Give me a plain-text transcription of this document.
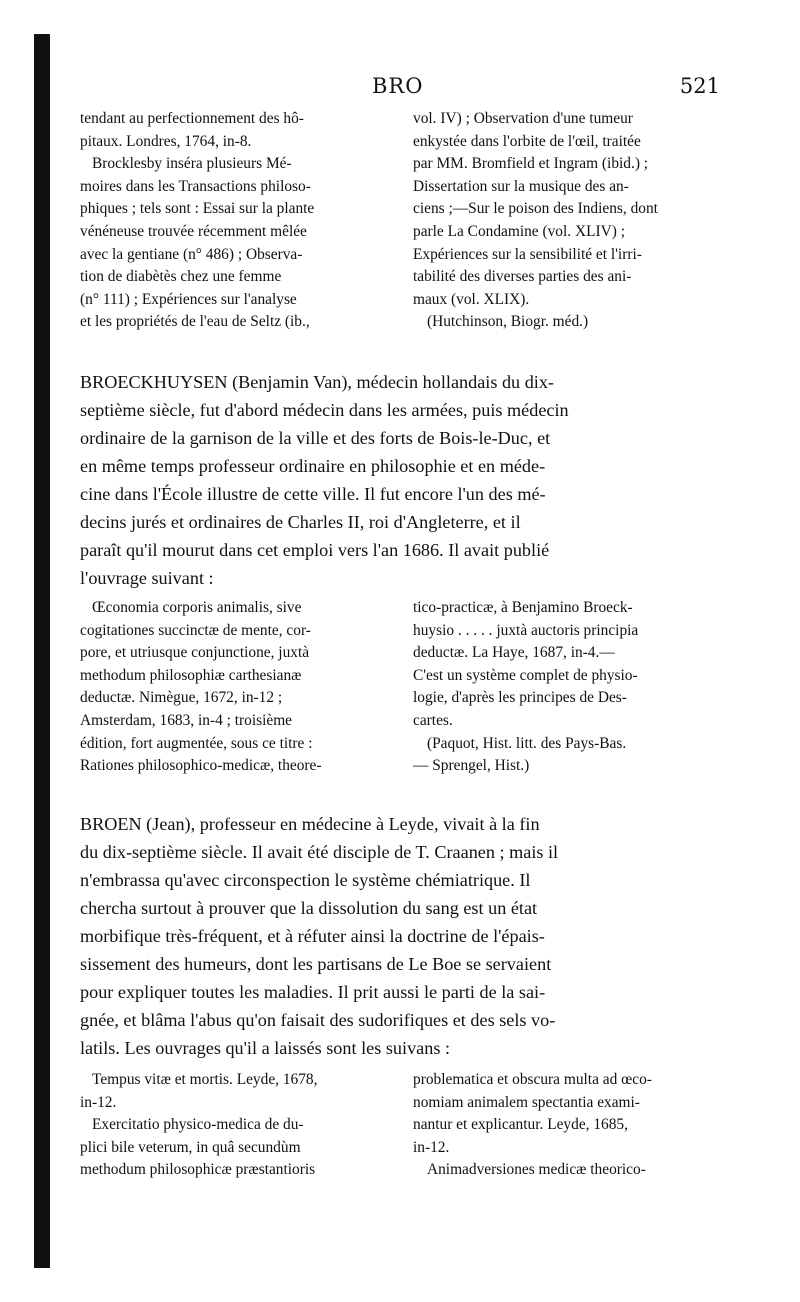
BRO	521
tendant au perfectionnement des hô-
pitaux. Londres, 1764, in-8.
Brocklesby inséra plusieurs Mé-
moires dans les Transactions philoso-
phiques ; tels sont : Essai sur la plante
vénéneuse trouvée récemment mêlée
avec la gentiane (n° 486) ; Observa-
tion de diabètès chez une femme
(n° 111) ; Expériences sur l'analyse
et les propriétés de l'eau de Seltz (ib.,
vol. IV) ; Observation d'une tumeur
enkystée dans l'orbite de l'œil, traitée
par MM. Bromfield et Ingram (ibid.) ;
Dissertation sur la musique des an-
ciens ;—Sur le poison des Indiens, dont
parle La Condamine (vol. XLIV) ;
Expériences sur la sensibilité et l'irri-
tabilité des diverses parties des ani-
maux (vol. XLIX).
(Hutchinson, Biogr. méd.)
BROECKHUYSEN (Benjamin Van), médecin hollandais du dix-
septième siècle, fut d'abord médecin dans les armées, puis médecin
ordinaire de la garnison de la ville et des forts de Bois-le-Duc, et
en même temps professeur ordinaire en philosophie et en méde-
cine dans l'École illustre de cette ville. Il fut encore l'un des mé-
decins jurés et ordinaires de Charles II, roi d'Angleterre, et il
paraît qu'il mourut dans cet emploi vers l'an 1686. Il avait publié
l'ouvrage suivant :
Œconomia corporis animalis, sive
cogitationes succinctæ de mente, cor-
pore, et utriusque conjunctione, juxtà
methodum philosophiæ carthesianæ
deductæ. Nimègue, 1672, in-12 ;
Amsterdam, 1683, in-4 ; troisième
édition, fort augmentée, sous ce titre :
Rationes philosophico-medicæ, theore-
tico-practicæ, à Benjamino Broeck-
huysio . . . . . juxtà auctoris principia
deductæ. La Haye, 1687, in-4.—
C'est un système complet de physio-
logie, d'après les principes de Des-
cartes.
(Paquot, Hist. litt. des Pays-Bas.
— Sprengel, Hist.)
BROEN (Jean), professeur en médecine à Leyde, vivait à la fin
du dix-septième siècle. Il avait été disciple de T. Craanen ; mais il
n'embrassa qu'avec circonspection le système chémiatrique. Il
chercha surtout à prouver que la dissolution du sang est un état
morbifique très-fréquent, et à réfuter ainsi la doctrine de l'épais-
sissement des humeurs, dont les partisans de Le Boe se servaient
pour expliquer toutes les maladies. Il prit aussi le parti de la sai-
gnée, et blâma l'abus qu'on faisait des sudorifiques et des sels vo-
latils. Les ouvrages qu'il a laissés sont les suivans :
Tempus vitæ et mortis. Leyde, 1678,
in-12.
Exercitatio physico-medica de du-
plici bile veterum, in quâ secundùm
methodum philosophicæ præstantioris
problematica et obscura multa ad œco-
nomiam animalem spectantia exami-
nantur et explicantur. Leyde, 1685,
in-12.
Animadversiones medicæ theorico-
